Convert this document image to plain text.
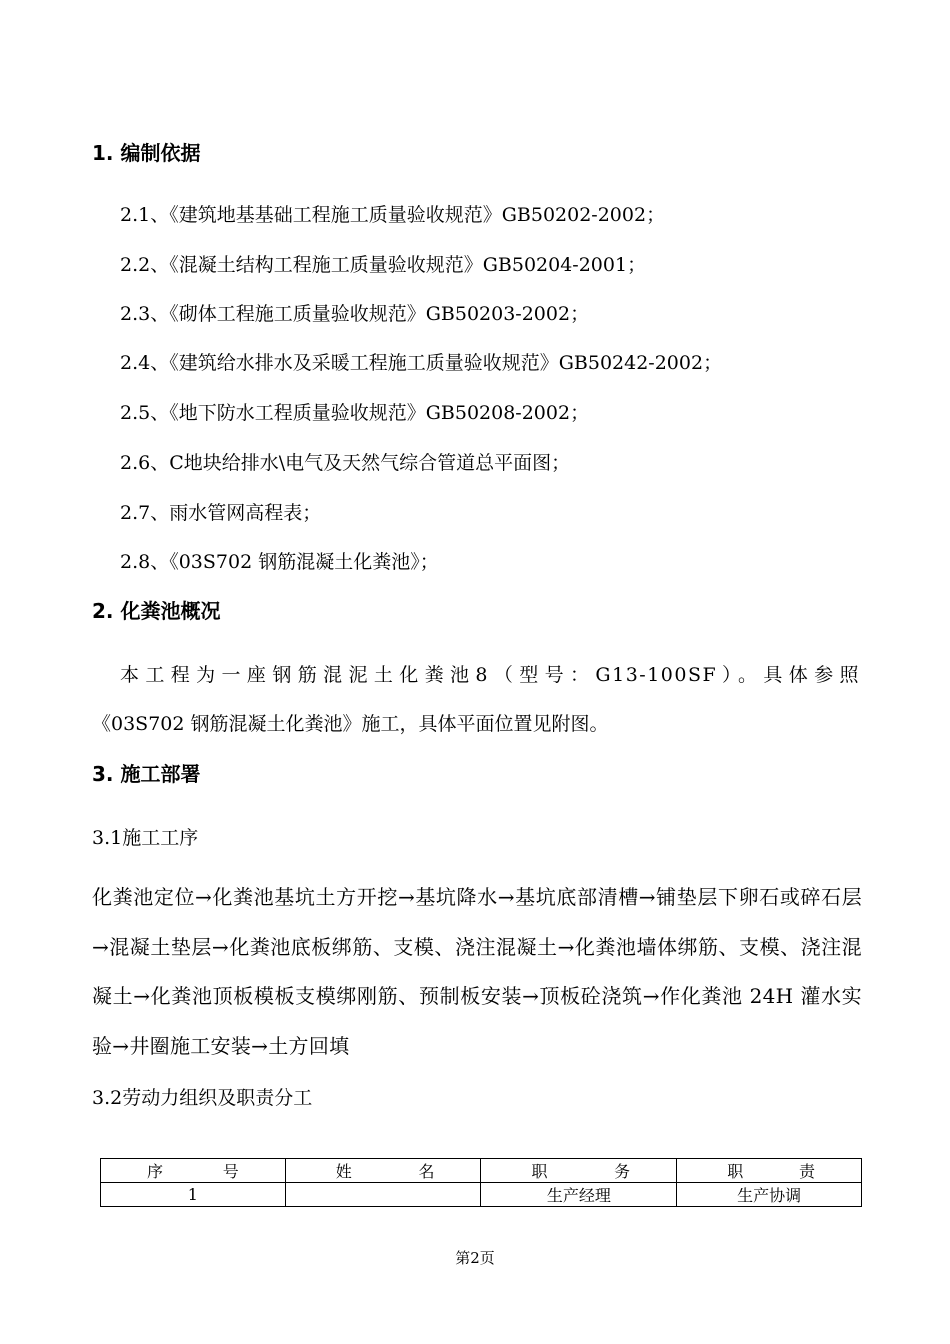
1. 编制依据
2.1、《建筑地基基础工程施工质量验收规范》GB50202-2002；
2.2、《混凝土结构工程施工质量验收规范》GB50204-2001；
2.3、《砌体工程施工质量验收规范》GB50203-2002；
2.4、《建筑给水排水及采暖工程施工质量验收规范》GB50242-2002；
2.5、《地下防水工程质量验收规范》GB50208-2002；
2.6、C地块给排水\电气及天然气综合管道总平面图；
2.7、雨水管网高程表；
2.8、《03S702 钢筋混凝土化粪池》；
2. 化粪池概况
本工程为一座钢筋混泥土化粪池8（型号：G13-100SF）。具体参照
《03S702 钢筋混凝土化粪池》施工，具体平面位置见附图。
3. 施工部署
3.1施工工序
化粪池定位→化粪池基坑土方开挖→基坑降水→基坑底部清槽→铺垫层下卵石或碎石层→混凝土垫层→化粪池底板绑筋、支模、浇注混凝土→化粪池墙体绑筋、支模、浇注混凝土→化粪池顶板模板支模绑刚筋、预制板安装→顶板砼浇筑→作化粪池 24H 灌水实验→井圈施工安装→土方回填
3.2劳动力组织及职责分工
序 号	姓 名	职 务	职 责

1		生产经理	生产协调
第2页
